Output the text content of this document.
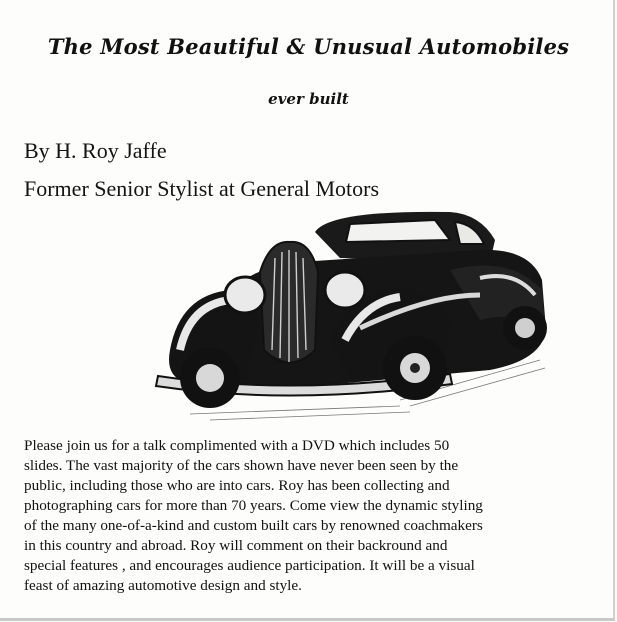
The Most Beautiful & Unusual Automobiles
ever built
By H. Roy Jaffe
Former Senior Stylist at General Motors
Please join us for a talk complimented with a DVD which includes 50
slides. The vast majority of the cars shown have never been seen by the
public, including those who are into cars. Roy has been collecting and
photographing cars for more than 70 years. Come view the dynamic styling
of the many one-of-a-kind and custom built cars by renowned coachmakers
in this country and abroad. Roy will comment on their backround and
special features , and encourages audience participation. It will be a visual
feast of amazing automotive design and style.
